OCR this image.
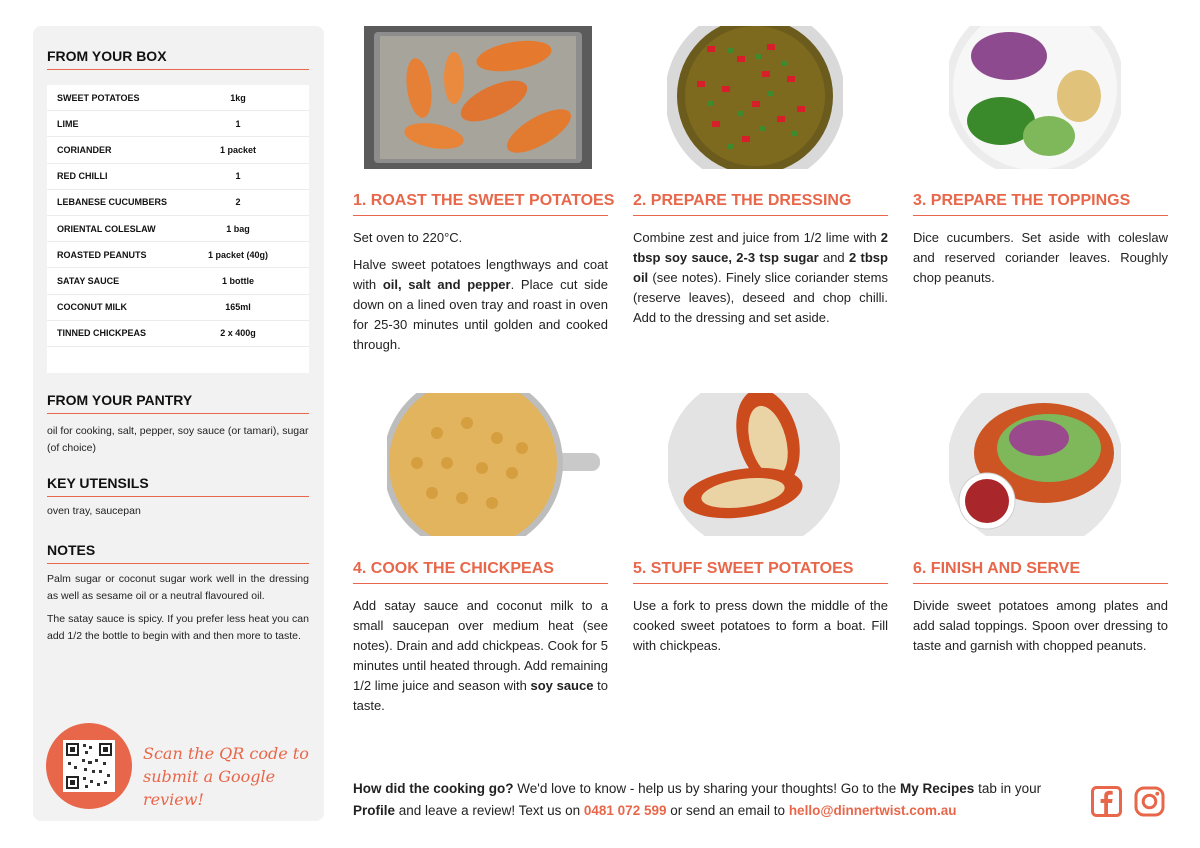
FROM YOUR BOX
SWEET POTATOES	1kg
LIME	1
CORIANDER	1 packet
RED CHILLI	1
LEBANESE CUCUMBERS	2
ORIENTAL COLESLAW	1 bag
ROASTED PEANUTS	1 packet (40g)
SATAY SAUCE	1 bottle
COCONUT MILK	165ml
TINNED CHICKPEAS	2 x 400g
FROM YOUR PANTRY
oil for cooking, salt, pepper, soy sauce (or tamari), sugar (of choice)
KEY UTENSILS
oven tray, saucepan
NOTES

Palm sugar or coconut sugar work well in the dressing as well as sesame oil or a neutral flavoured oil.

The satay sauce is spicy. If you prefer less heat you can add 1/2 the bottle to begin with and then more to taste.

Scan the QR code to
submit a Google review!
1. ROAST THE SWEET POTATOES

Set oven to 220°C.

Halve sweet potatoes lengthways and coat with oil, salt and pepper. Place cut side down on a lined oven tray and roast in oven for 25-30 minutes until golden and cooked through.

2. PREPARE THE DRESSING

Combine zest and juice from 1/2 lime with 2 tbsp soy sauce, 2-3 tsp sugar and 2 tbsp oil (see notes). Finely slice coriander stems (reserve leaves), deseed and chop chilli. Add to the dressing and set aside.

3. PREPARE THE TOPPINGS

Dice cucumbers. Set aside with coleslaw and reserved coriander leaves. Roughly chop peanuts.

4. COOK THE CHICKPEAS

Add satay sauce and coconut milk to a small saucepan over medium heat (see notes). Drain and add chickpeas. Cook for 5 minutes until heated through. Add remaining 1/2 lime juice and season with soy sauce to taste.

5. STUFF SWEET POTATOES

Use a fork to press down the middle of the cooked sweet potatoes to form a boat. Fill with chickpeas.

6. FINISH AND SERVE

Divide sweet potatoes among plates and add salad toppings. Spoon over dressing to taste and garnish with chopped peanuts.

How did the cooking go? We'd love to know - help us by sharing your thoughts! Go to the My Recipes tab in your Profile and leave a review! Text us on 0481 072 599 or send an email to hello@dinnertwist.com.au
